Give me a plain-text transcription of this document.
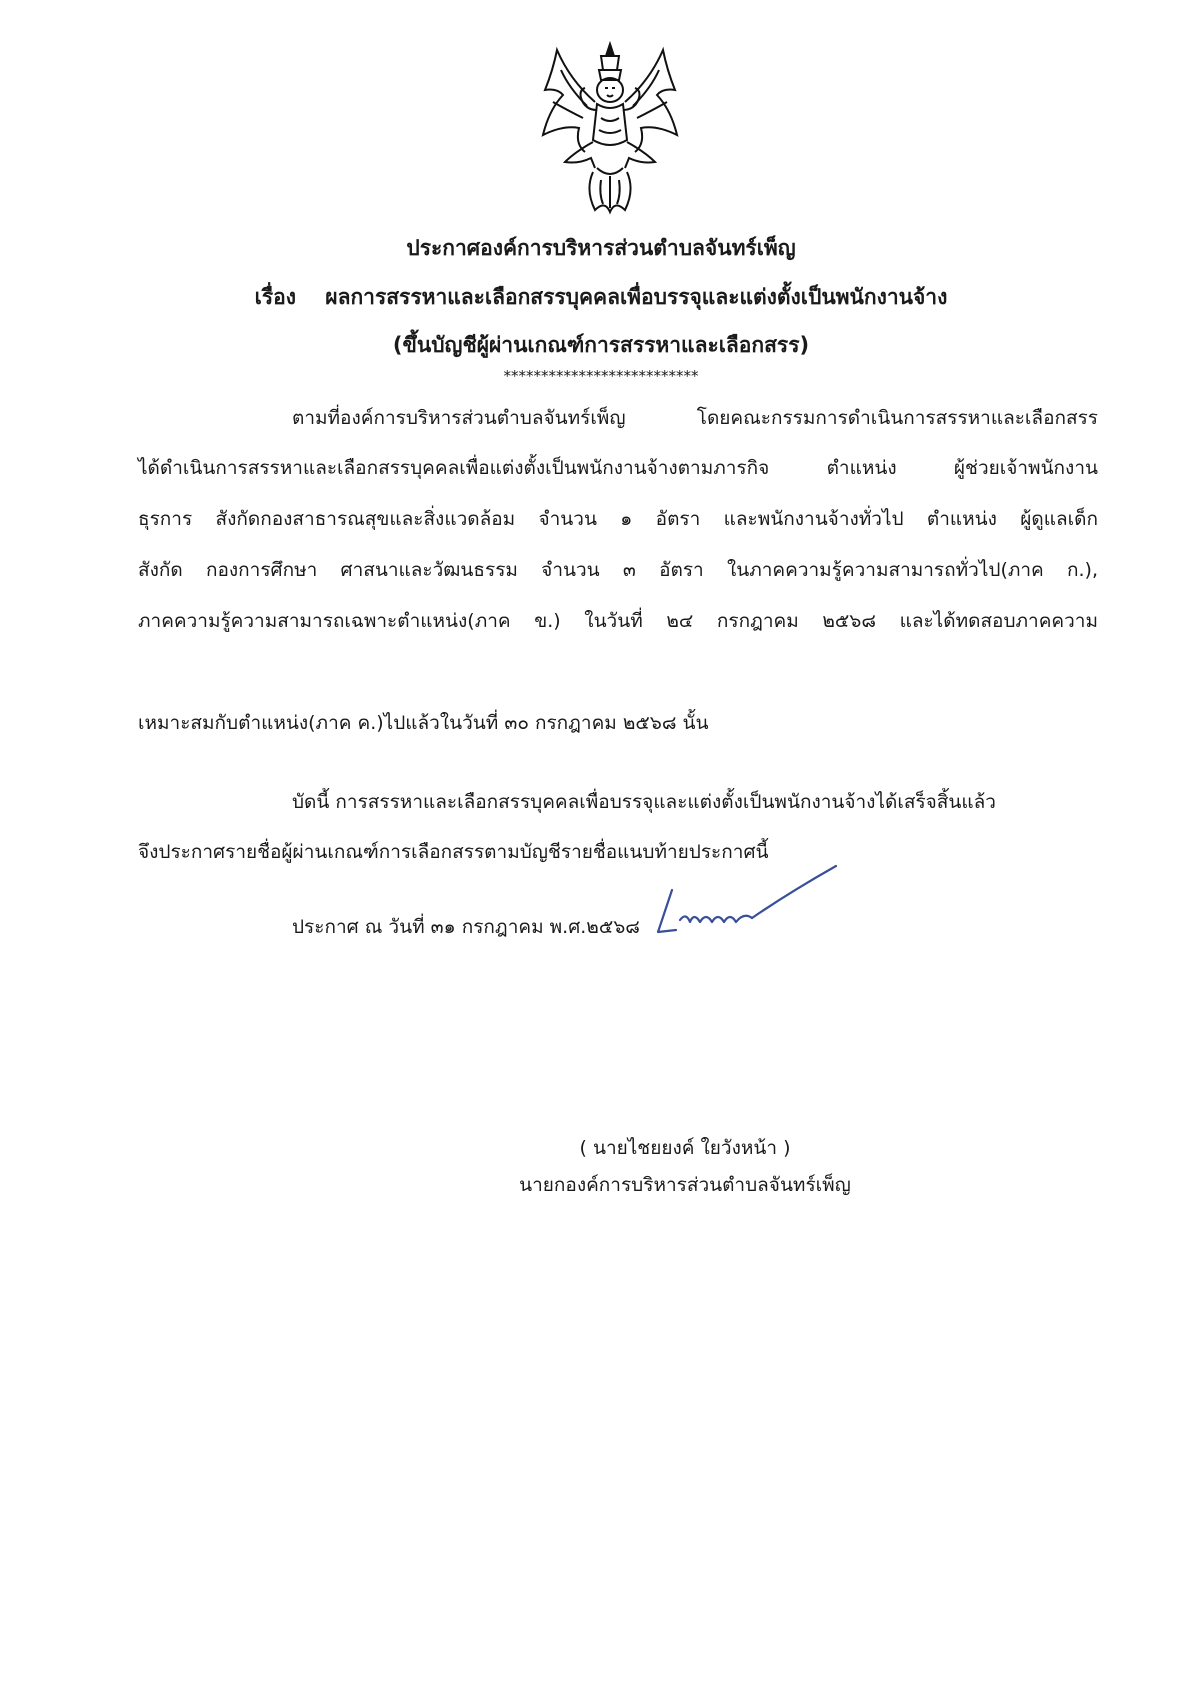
ประกาศองค์การบริหารส่วนตำบลจันทร์เพ็ญ
เรื่อง ผลการสรรหาและเลือกสรรบุคคลเพื่อบรรจุและแต่งตั้งเป็นพนักงานจ้าง
(ขึ้นบัญชีผู้ผ่านเกณฑ์การสรรหาและเลือกสรร)
**************************
ตามที่องค์การบริหารส่วนตำบลจันทร์เพ็ญ โดยคณะกรรมการดำเนินการสรรหาและเลือกสรร
ได้ดำเนินการสรรหาและเลือกสรรบุคคลเพื่อแต่งตั้งเป็นพนักงานจ้างตามภารกิจ ตำแหน่ง ผู้ช่วยเจ้าพนักงาน
ธุรการ สังกัดกองสาธารณสุขและสิ่งแวดล้อม จำนวน ๑ อัตรา และพนักงานจ้างทั่วไป ตำแหน่ง ผู้ดูแลเด็ก
สังกัด กองการศึกษา ศาสนาและวัฒนธรรม จำนวน ๓ อัตรา ในภาคความรู้ความสามารถทั่วไป(ภาค ก.),
ภาคความรู้ความสามารถเฉพาะตำแหน่ง(ภาค ข.) ในวันที่ ๒๔ กรกฎาคม ๒๕๖๘ และได้ทดสอบภาคความ
เหมาะสมกับตำแหน่ง(ภาค ค.)ไปแล้วในวันที่ ๓๐ กรกฎาคม ๒๕๖๘ นั้น
บัดนี้ การสรรหาและเลือกสรรบุคคลเพื่อบรรจุและแต่งตั้งเป็นพนักงานจ้างได้เสร็จสิ้นแล้ว
จึงประกาศรายชื่อผู้ผ่านเกณฑ์การเลือกสรรตามบัญชีรายชื่อแนบท้ายประกาศนี้
ประกาศ ณ วันที่ ๓๑ กรกฎาคม พ.ศ.๒๕๖๘
( นายไชยยงค์ ใยวังหน้า )
นายกองค์การบริหารส่วนตำบลจันทร์เพ็ญ
